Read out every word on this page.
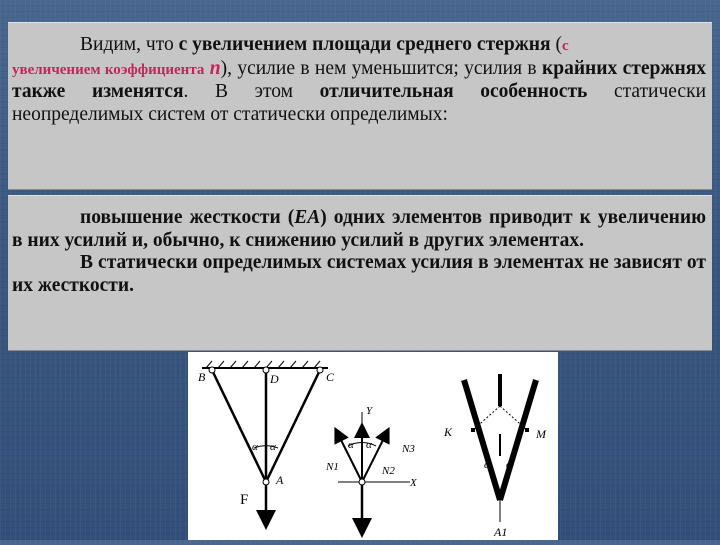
Видим, что с увеличением площади среднего стержня (с
увеличением коэффициента n), усилие в нем уменьшится; усилия в крайних стержнях также изменятся. В этом отличительная особенность статически неопределимых систем от статически определимых:

повышение жесткости (EA) одних элементов приводит к увеличению в них усилий и, обычно, к снижению усилий в других элементах.
В статически определимых системах усилия в элементах не зависят от их жесткости.

B	D	C
A
α α
F
Y
X
N1	N2
N3
α α
K	M
A1
α α
